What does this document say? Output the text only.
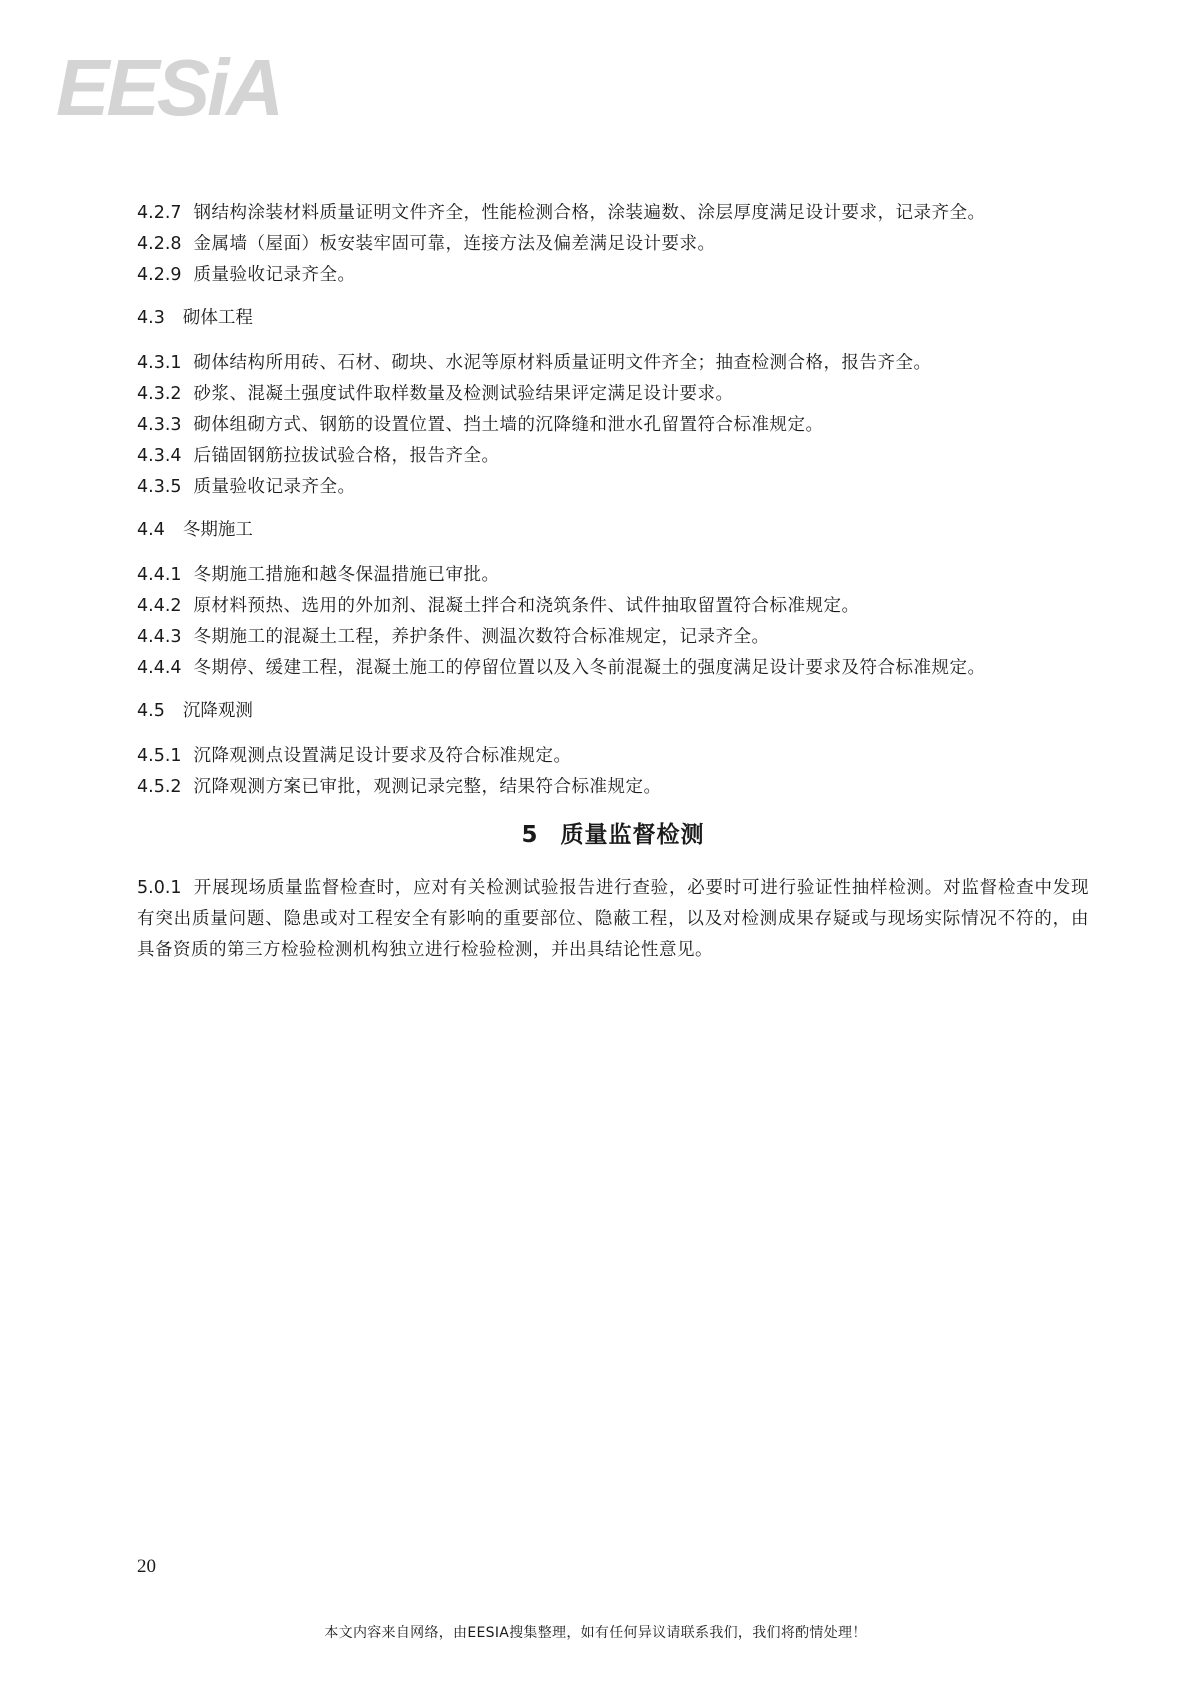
EESiA

4.2.7 钢结构涂装材料质量证明文件齐全，性能检测合格，涂装遍数、涂层厚度满足设计要求，记录齐全。

4.2.8 金属墙（屋面）板安装牢固可靠，连接方法及偏差满足设计要求。

4.2.9 质量验收记录齐全。

4.3 砌体工程

4.3.1 砌体结构所用砖、石材、砌块、水泥等原材料质量证明文件齐全；抽查检测合格，报告齐全。

4.3.2 砂浆、混凝土强度试件取样数量及检测试验结果评定满足设计要求。

4.3.3 砌体组砌方式、钢筋的设置位置、挡土墙的沉降缝和泄水孔留置符合标准规定。

4.3.4 后锚固钢筋拉拔试验合格，报告齐全。

4.3.5 质量验收记录齐全。

4.4 冬期施工

4.4.1 冬期施工措施和越冬保温措施已审批。

4.4.2 原材料预热、选用的外加剂、混凝土拌合和浇筑条件、试件抽取留置符合标准规定。

4.4.3 冬期施工的混凝土工程，养护条件、测温次数符合标准规定，记录齐全。

4.4.4 冬期停、缓建工程，混凝土施工的停留位置以及入冬前混凝土的强度满足设计要求及符合标准规定。

4.5 沉降观测

4.5.1 沉降观测点设置满足设计要求及符合标准规定。

4.5.2 沉降观测方案已审批，观测记录完整，结果符合标准规定。

5 质量监督检测

5.0.1 开展现场质量监督检查时，应对有关检测试验报告进行查验，必要时可进行验证性抽样检测。对监督检查中发现有突出质量问题、隐患或对工程安全有影响的重要部位、隐蔽工程，以及对检测成果存疑或与现场实际情况不符的，由具备资质的第三方检验检测机构独立进行检验检测，并出具结论性意见。

20
本文内容来自网络，由EESIA搜集整理，如有任何异议请联系我们，我们将酌情处理！
